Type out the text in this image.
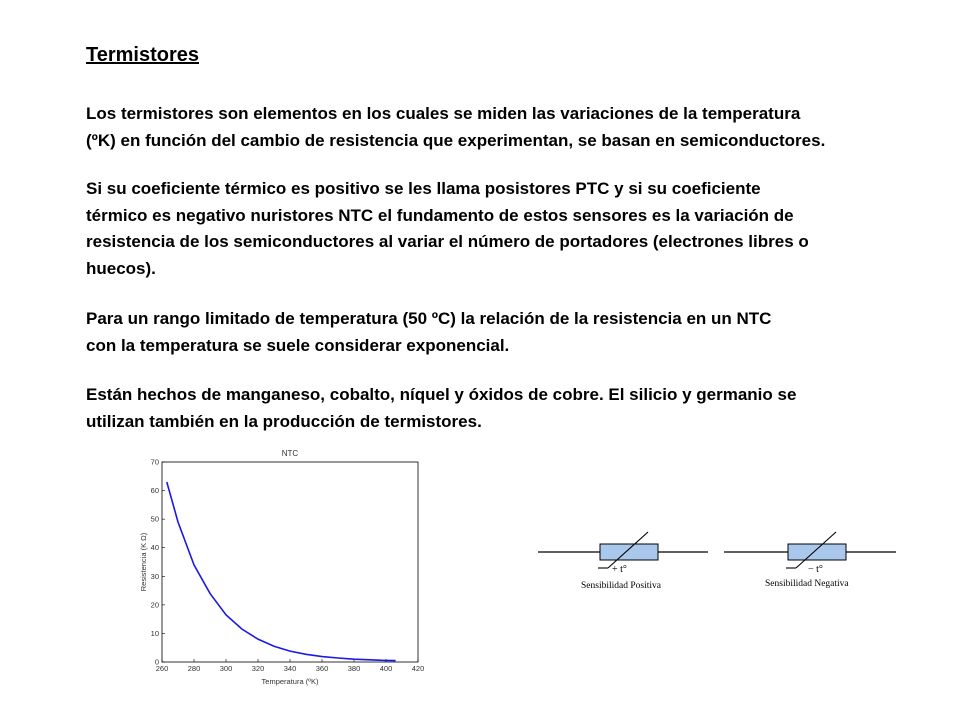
Termistores
Los termistores son elementos en los cuales se miden las variaciones de la temperatura
(ºK) en función del cambio de resistencia que experimentan, se basan en semiconductores.
Si su coeficiente térmico es positivo se les llama posistores PTC y si su coeficiente
térmico es negativo nuristores NTC el fundamento de estos sensores es la variación de
resistencia de los semiconductores al variar el número de portadores (electrones libres o
huecos).
Para un rango limitado de temperatura (50 ºC) la relación de la resistencia en un NTC
con la temperatura se suele considerar exponencial.
Están hechos de manganeso, cobalto, níquel y óxidos de cobre. El silicio y germanio se
utilizan también en la producción de termistores.
NTC
260	280	300	320	340	360	380	400	420
0
10
20
30
40
50
60
70
Temperatura (ºK)
Resistencia (K Ω)	+ t°
Sensibilidad Positiva
− t°
Sensibilidad Negativa
